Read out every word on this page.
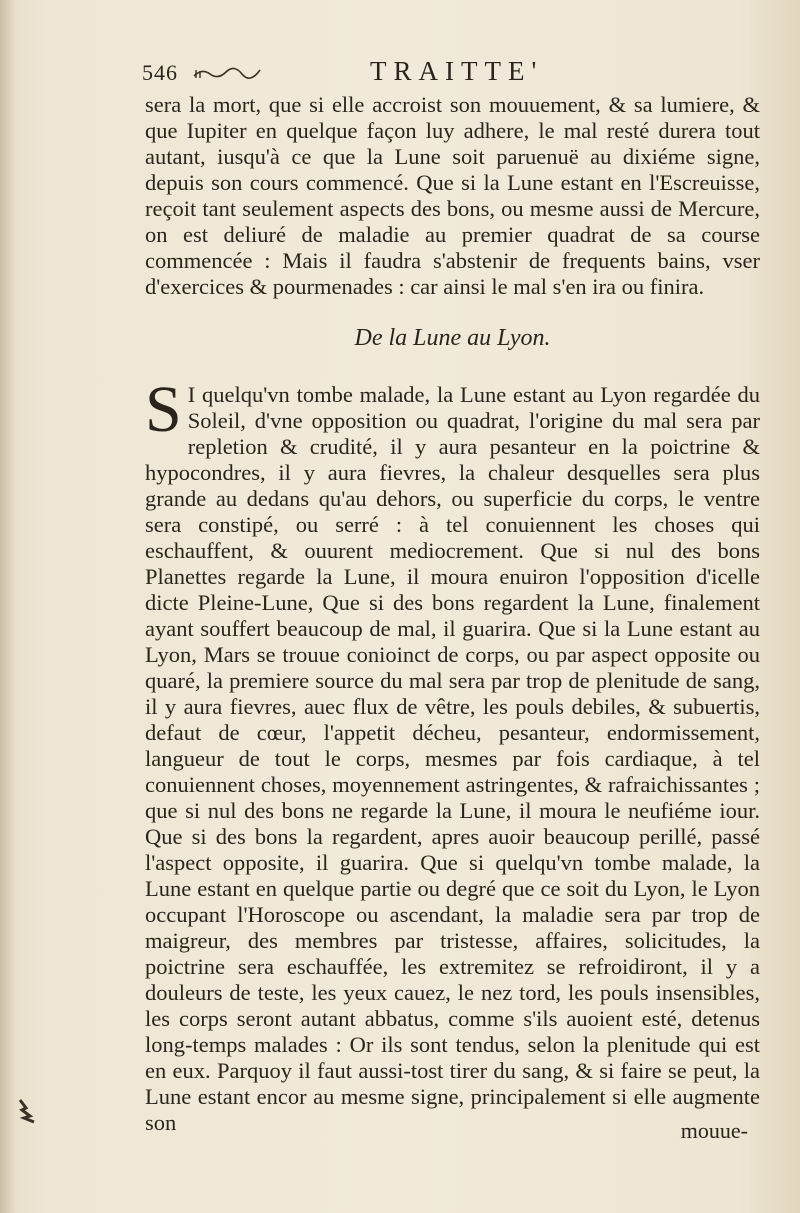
546	TRAITTE'
sera la mort, que si elle accroist son mouuement, & sa lumiere, & que Iupiter en quelque façon luy adhere, le mal resté durera tout autant, iusqu'à ce que la Lune soit paruenuë au dixiéme signe, depuis son cours commencé. Que si la Lune estant en l'Escreuisse, reçoit tant seulement aspects des bons, ou mesme aussi de Mercure, on est deliuré de maladie au premier quadrat de sa course commencée : Mais il faudra s'abstenir de frequents bains, vser d'exercices & pourmenades : car ainsi le mal s'en ira ou finira.
De la Lune au Lyon.
S I quelqu'vn tombe malade, la Lune estant au Lyon regardée du Soleil, d'vne opposition ou quadrat, l'origine du mal sera par repletion & crudité, il y aura pesanteur en la poictrine & hypocondres, il y aura fievres, la chaleur desquelles sera plus grande au dedans qu'au dehors, ou superficie du corps, le ventre sera constipé, ou serré : à tel conuiennent les choses qui eschauffent, & ouurent mediocrement. Que si nul des bons Planettes regarde la Lune, il moura enuiron l'opposition d'icelle dicte Pleine-Lune, Que si des bons regardent la Lune, finalement ayant souffert beaucoup de mal, il guarira. Que si la Lune estant au Lyon, Mars se trouue conioinct de corps, ou par aspect opposite ou quaré, la premiere source du mal sera par trop de plenitude de sang, il y aura fievres, auec flux de vêtre, les pouls debiles, & subuertis, defaut de cœur, l'appetit décheu, pesanteur, endormissement, langueur de tout le corps, mesmes par fois cardiaque, à tel conuiennent choses, moyennement astringentes, & rafraichissantes ; que si nul des bons ne regarde la Lune, il moura le neufiéme iour. Que si des bons la regardent, apres auoir beaucoup perillé, passé l'aspect opposite, il guarira. Que si quelqu'vn tombe malade, la Lune estant en quelque partie ou degré que ce soit du Lyon, le Lyon occupant l'Horoscope ou ascendant, la maladie sera par trop de maigreur, des membres par tristesse, affaires, solicitudes, la poictrine sera eschauffée, les extremitez se refroidiront, il y a douleurs de teste, les yeux cauez, le nez tord, les pouls insensibles, les corps seront autant abbatus, comme s'ils auoient esté, detenus long-temps malades : Or ils sont tendus, selon la plenitude qui est en eux. Parquoy il faut aussi-tost tirer du sang, & si faire se peut, la Lune estant encor au mesme signe, principalement si elle augmente son	mouue-
